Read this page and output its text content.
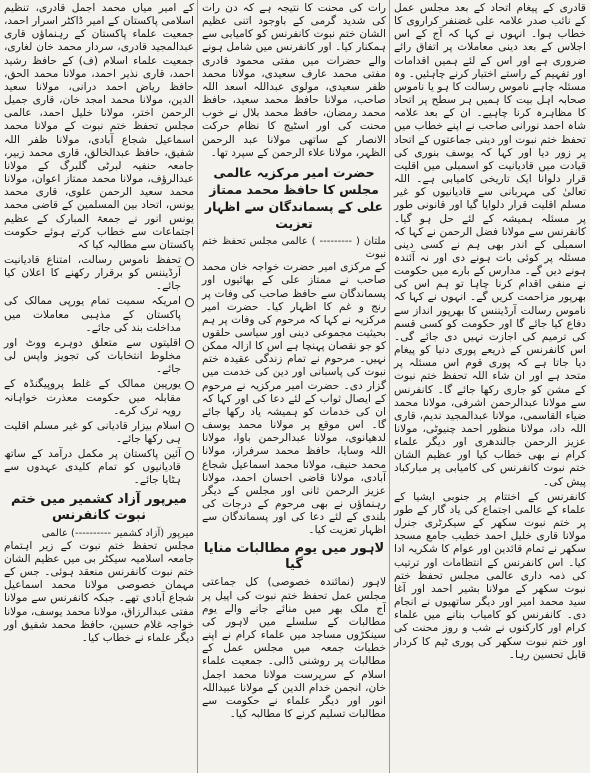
قادری کے پیغام اتحاد کے بعد مجلس عمل کے نائب صدر علامہ علی غضنفر کراروی کا خطاب ہوا۔ انہوں نے کہا کہ آج کے اس اجلاس کے بعد دینی معاملات پر اتفاق رائے ضروری ہے اور اس کے لئے ہمیں اقدامات اور تفہیم کے راستے اختیار کرنے چاہئیں۔ وہ مسئلہ چاہے ناموس رسالت کا ہو یا ناموس صحابہ اہل بیت کا ہمیں ہر سطح پر اتحاد کا مظاہرہ کرنا چاہیے۔ ان کے بعد علامہ شاہ احمد نورانی صاحب نے اپنے خطاب میں تحفظ ختم نبوت اور دینی جماعتوں کے اتحاد پر زور دیا اور کہا کہ یوسف بنوری کی قیادت میں قادیانیت کو اسمبلی میں اقلیت قرار دلوانا ایک تاریخی کامیابی ہے۔ اللہ تعالیٰ کی مہربانی سے قادیانیوں کو غیر مسلم اقلیت قرار دلوایا گیا اور قانونی طور پر مسئلہ ہمیشہ کے لئے حل ہو گیا۔ کانفرنس سے مولانا فضل الرحمن نے کہا کہ اسمبلی کے اندر بھی ہم نے کسی دینی مسئلہ پر کوئی بات ہونے دی اور نہ آئندہ ہونے دیں گے۔ مدارس کے بارے میں حکومت نے منفی اقدام کرنا چاہا تو ہم اس کی بھرپور مزاحمت کریں گے۔ انہوں نے کہا کہ ناموس رسالت آرڈیننس کا بھرپور انداز سے دفاع کیا جائے گا اور حکومت کو کسی قسم کی ترمیم کی اجازت نہیں دی جائے گی۔ اس کانفرنس کے ذریعے پوری دنیا کو پیغام دیا جاتا ہے کہ پوری قوم اس مسئلہ پر متحد ہے اور ان شاء اللہ تحفظ ختم نبوت کے مشن کو جاری رکھا جائے گا۔ کانفرنس سے مولانا عبدالرحمن اشرفی، مولانا محمد ضیاء القاسمی، مولانا عبدالمجید ندیم، قاری اللہ داد، مولانا منظور احمد چنیوٹی، مولانا عزیز الرحمن جالندھری اور دیگر علماء کرام نے بھی خطاب کیا اور عظیم الشان ختم نبوت کانفرنس کی کامیابی پر مبارکباد پیش کی۔

کانفرنس کے اختتام پر جنوبی ایشیا کے علماء کے عالمی اجتماع کی یاد گار کے طور پر ختم نبوت سکھر کے سیکرٹری جنرل مولانا قاری خلیل احمد خطیب جامع مسجد سکھر نے تمام قائدین اور عوام کا شکریہ ادا کیا۔ اس کانفرنس کے انتظامات اور ترتیب کی ذمہ داری عالمی مجلس تحفظ ختم نبوت سکھر کے مولانا بشیر احمد اور آغا سید محمد امیر اور دیگر ساتھیوں نے انجام دی۔ کانفرنس کو کامیاب بنانے میں علماء کرام اور کارکنوں نے شب و روز محنت کی اور ختم نبوت سکھر کی پوری ٹیم کا کردار قابل تحسین رہا۔

رات کی محنت کا نتیجہ ہے کہ دن رات کی شدید گرمی کے باوجود اتنی عظیم الشان ختم نبوت کانفرنس کو کامیابی سے ہمکنار کیا۔ اور کانفرنس میں شامل ہونے والے حضرات میں مفتی محمود قادری مفتی محمد عارف سعیدی، مولانا محمد ظفر سعیدی، مولوی عبداللہ اسعد اللہ صاحب، مولانا حافظ محمد سعید، حافظ محمد رمضان، حافظ محمد بلال نے خوب محنت کی اور اسٹیج کا نظام حرکت الانصار کے ساتھی مولانا عبد الرحمن الظہر، مولانا علاء الرحمن کے سپرد تھا۔

حضرت امیر مرکزیہ عالمی مجلس کا حافظ محمد ممتاز علی کے پسماندگان سے اظہار تعزیت
ملتان ( --------- ) عالمی مجلس تحفظ ختم نبوت

کے مرکزی امیر حضرت خواجہ خان محمد صاحب نے ممتاز علی کے بھائیوں اور پسماندگان سے حافظ صاحب کی وفات پر رنج و غم کا اظہار کیا۔ حضرت امیر مرکزیہ نے کہا کہ مرحوم کی وفات پر ہم بحیثیت مجموعی دینی اور سیاسی حلقوں کو جو نقصان پہنچا ہے اس کا ازالہ ممکن نہیں۔ مرحوم نے تمام زندگی عقیدہ ختم نبوت کی پاسبانی اور دین کی خدمت میں گزار دی۔ حضرت امیر مرکزیہ نے مرحوم کے ایصال ثواب کے لئے دعا کی اور کہا کہ ان کی خدمات کو ہمیشہ یاد رکھا جائے گا۔ اس موقع پر مولانا محمد یوسف لدھیانوی، مولانا عبدالرحمن باوا، مولانا اللہ وسایا، حافظ محمد سرفراز، مولانا محمد حنیف، مولانا محمد اسماعیل شجاع آبادی، مولانا قاضی احسان احمد، مولانا عزیز الرحمن ثانی اور مجلس کے دیگر رہنماؤں نے بھی مرحوم کے درجات کی بلندی کے لئے دعا کی اور پسماندگان سے اظہار تعزیت کیا۔

لاہور میں یوم مطالبات منایا گیا

لاہور (نمائندہ خصوصی) کل جماعتی مجلس عمل تحفظ ختم نبوت کی اپیل پر آج ملک بھر میں منائے جانے والے یوم مطالبات کے سلسلے میں لاہور کی سینکڑوں مساجد میں علماء کرام نے اپنے خطبات جمعہ میں مجلس عمل کے مطالبات پر روشنی ڈالی۔ جمعیت علماء اسلام کے سرپرست مولانا محمد اجمل خان، انجمن خدام الدین کے مولانا عبیداللہ انور اور دیگر علماء نے حکومت سے مطالبات تسلیم کرنے کا مطالبہ کیا۔

کے امیر میاں محمد اجمل قادری، تنظیم اسلامی پاکستان کے امیر ڈاکٹر اسرار احمد، جمعیت علماء پاکستان کے رہنماؤں قاری عبدالمجید قادری، سردار محمد خان لغاری، جمعیت علماء اسلام (ف) کے حافظ رشید احمد، قاری نذیر احمد، مولانا محمد الحق، حافظ ریاض احمد درانی، مولانا سعید الدین، مولانا محمد امجد خان، قاری جمیل الرحمن اختر، مولانا خلیل احمد، عالمی مجلس تحفظ ختم نبوت کے مولانا محمد اسماعیل شجاع آبادی، مولانا ظفر اللہ شفیق، حافظ عبدالخالق، قاری محمد زبیر، جامعہ حنفیہ لبرٹی گلبرگ کے مولانا عبدالرؤف، مولانا محمد ممتاز اعوان، مولانا محمد سعید الرحمن علوی، قاری محمد یونس، اتحاد بین المسلمین کے قاضی محمد یونس انور نے جمعۃ المبارک کے عظیم اجتماعات سے خطاب کرتے ہوئے حکومت پاکستان سے مطالبہ کیا کہ

تحفظ ناموس رسالت، امتناع قادیانیت آرڈیننس کو برقرار رکھنے کا اعلان کیا جائے۔
امریکہ سمیت تمام یورپی ممالک کی پاکستان کے مذہبی معاملات میں مداخلت بند کی جائے۔
اقلیتوں سے متعلق دوہرے ووٹ اور مخلوط انتخابات کی تجویز واپس لی جائے۔
یورپین ممالک کے غلط پروپیگنڈہ کے مقابلہ میں حکومت معذرت خواہانہ رویہ ترک کرے۔
اسلام بیزار قادیانی کو غیر مسلم اقلیت ہی رکھا جائے۔
آئین پاکستان پر مکمل درآمد کے ساتھ قادیانیوں کو تمام کلیدی عہدوں سے ہٹایا جائے۔
میرپور آزاد کشمیر میں ختم نبوت کانفرنس
میرپور (آزاد کشمیر ----------) عالمی

مجلس تحفظ ختم نبوت کے زیر اہتمام جامعہ اسلامیہ سیکٹر بی میں عظیم الشان ختم نبوت کانفرنس منعقد ہوئی۔ جس کے مہمان خصوصی مولانا محمد اسماعیل شجاع آبادی تھے۔ جبکہ کانفرنس سے مولانا مفتی عبدالرزاق، مولانا محمد یوسف، مولانا خواجہ غلام حسین، حافظ محمد شفیق اور دیگر علماء نے خطاب کیا۔
